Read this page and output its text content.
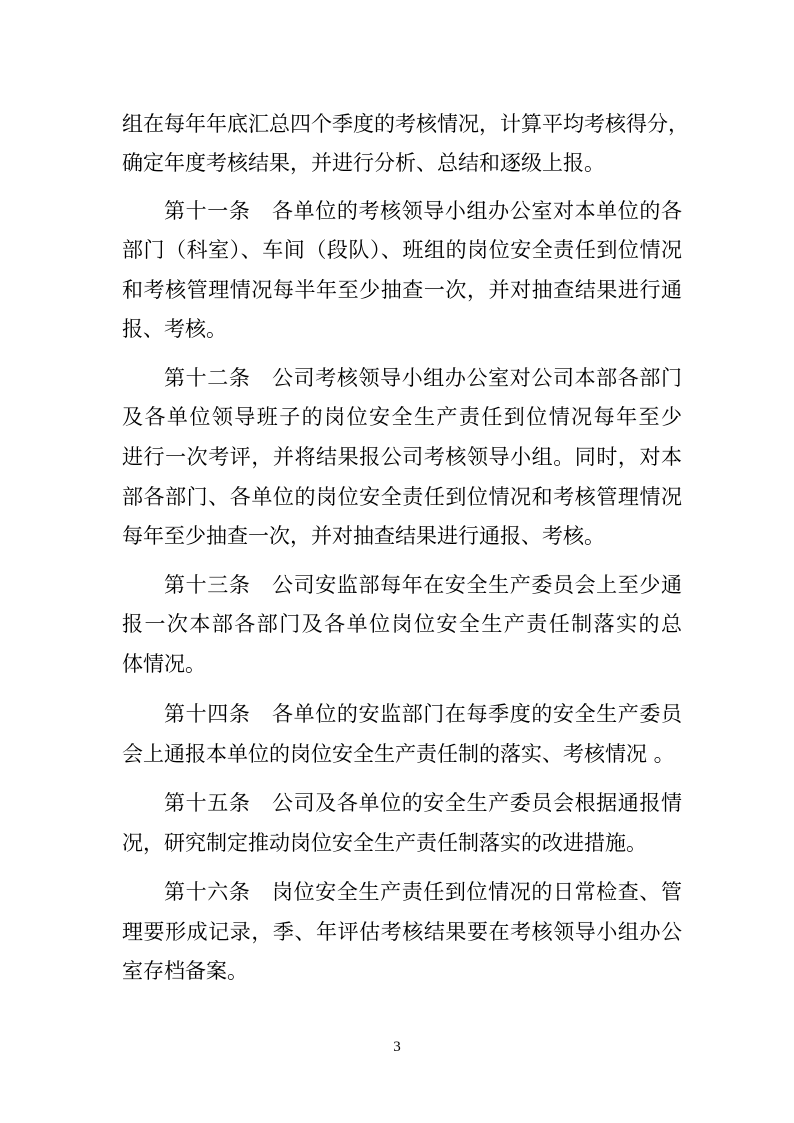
组在每年年底汇总四个季度的考核情况，计算平均考核得分，
确定年度考核结果，并进行分析、总结和逐级上报。
第十一条　各单位的考核领导小组办公室对本单位的各
部门（科室）、车间（段队）、班组的岗位安全责任到位情况
和考核管理情况每半年至少抽查一次，并对抽查结果进行通
报、考核。
第十二条　公司考核领导小组办公室对公司本部各部门
及各单位领导班子的岗位安全生产责任到位情况每年至少
进行一次考评，并将结果报公司考核领导小组。同时，对本
部各部门、各单位的岗位安全责任到位情况和考核管理情况
每年至少抽查一次，并对抽查结果进行通报、考核。
第十三条　公司安监部每年在安全生产委员会上至少通
报一次本部各部门及各单位岗位安全生产责任制落实的总
体情况。
第十四条　各单位的安监部门在每季度的安全生产委员
会上通报本单位的岗位安全生产责任制的落实、考核情况 。
第十五条　公司及各单位的安全生产委员会根据通报情
况，研究制定推动岗位安全生产责任制落实的改进措施。
第十六条　岗位安全生产责任到位情况的日常检查、管
理要形成记录，季、年评估考核结果要在考核领导小组办公
室存档备案。
3
